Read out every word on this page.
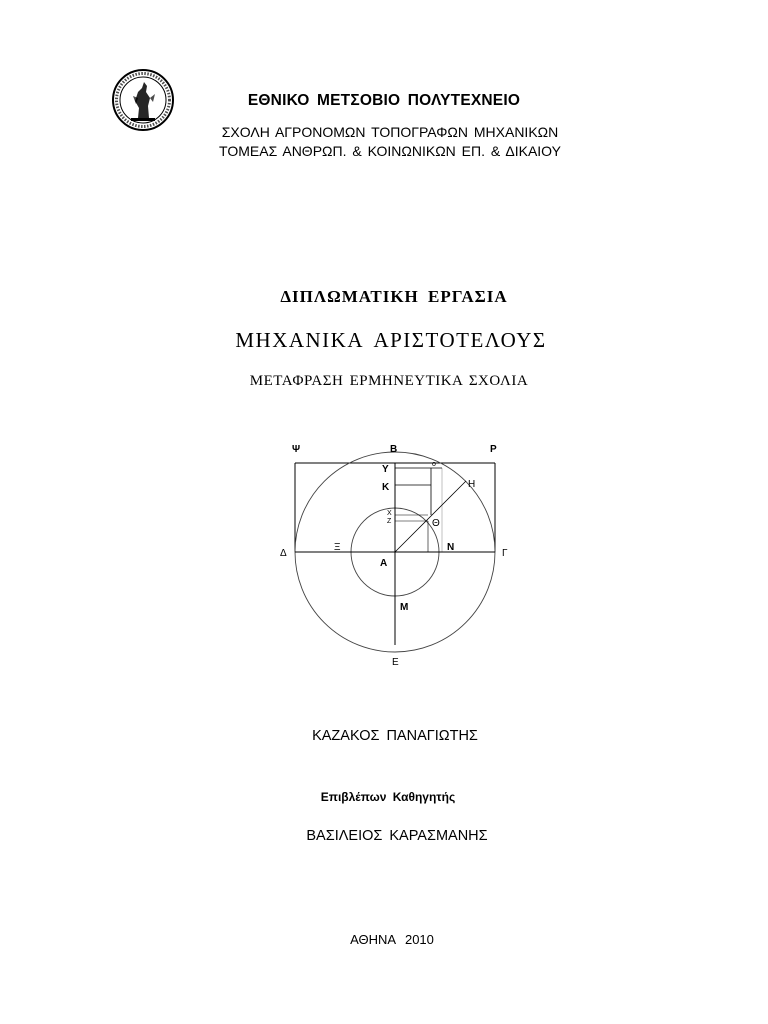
ΕΘΝΙΚΟ ΜΕΤΣΟΒΙΟ ΠΟΛΥΤΕΧΝΕΙΟ
ΣΧΟΛΗ ΑΓΡΟΝΟΜΩΝ ΤΟΠΟΓΡΑΦΩΝ ΜΗΧΑΝΙΚΩΝ
ΤΟΜΕΑΣ ΑΝΘΡΩΠ. & ΚΟΙΝΩΝΙΚΩΝ ΕΠ. & ΔΙΚΑΙΟΥ
ΔΙΠΛΩΜΑΤΙΚΗ ΕΡΓΑΣΙΑ
ΜΗΧΑΝΙΚΑ ΑΡΙΣΤΟΤΕΛΟΥΣ
ΜΕΤΑΦΡΑΣΗ ΕΡΜΗΝΕΥΤΙΚΑ ΣΧΟΛΙΑ
Ψ	Β	Ρ
Υ	ο
Κ	Η
Χ
Ζ	Θ
Δ
Ξ	Ν
Γ
Α
Μ
Ε
ΚΑΖΑΚΟΣ ΠΑΝΑΓΙΩΤΗΣ
Επιβλέπων Καθηγητής
ΒΑΣΙΛΕΙΟΣ ΚΑΡΑΣΜΑΝΗΣ
ΑΘΗΝΑ 2010
